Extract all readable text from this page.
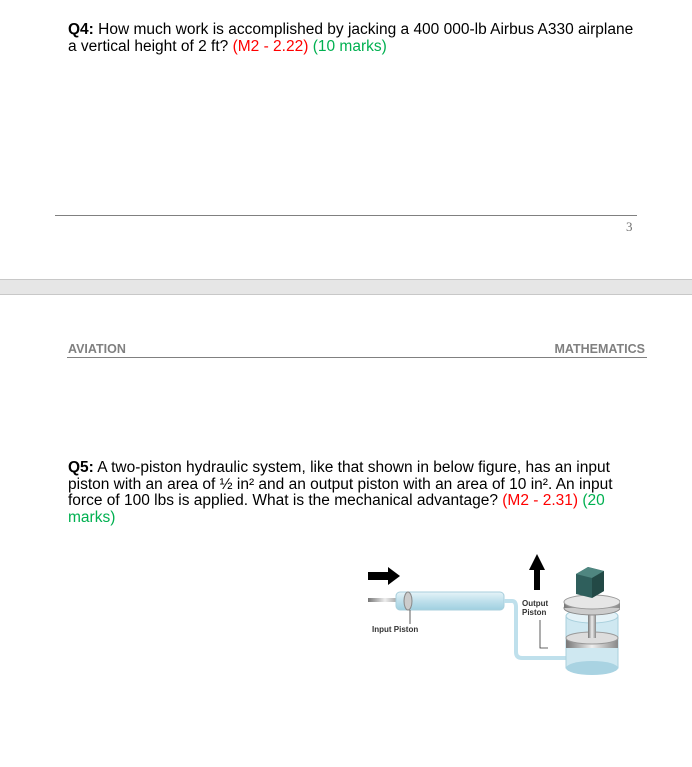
Q4: How much work is accomplished by jacking a 400 000-lb Airbus A330 airplane a vertical height of 2 ft? (M2 - 2.22) (10 marks)
3
AVIATION	MATHEMATICS
Q5: A two-piston hydraulic system, like that shown in below figure, has an input piston with an area of ½ in² and an output piston with an area of 10 in². An input force of 100 lbs is applied. What is the mechanical advantage? (M2 - 2.31) (20 marks)
Input Piston
Output
Piston
